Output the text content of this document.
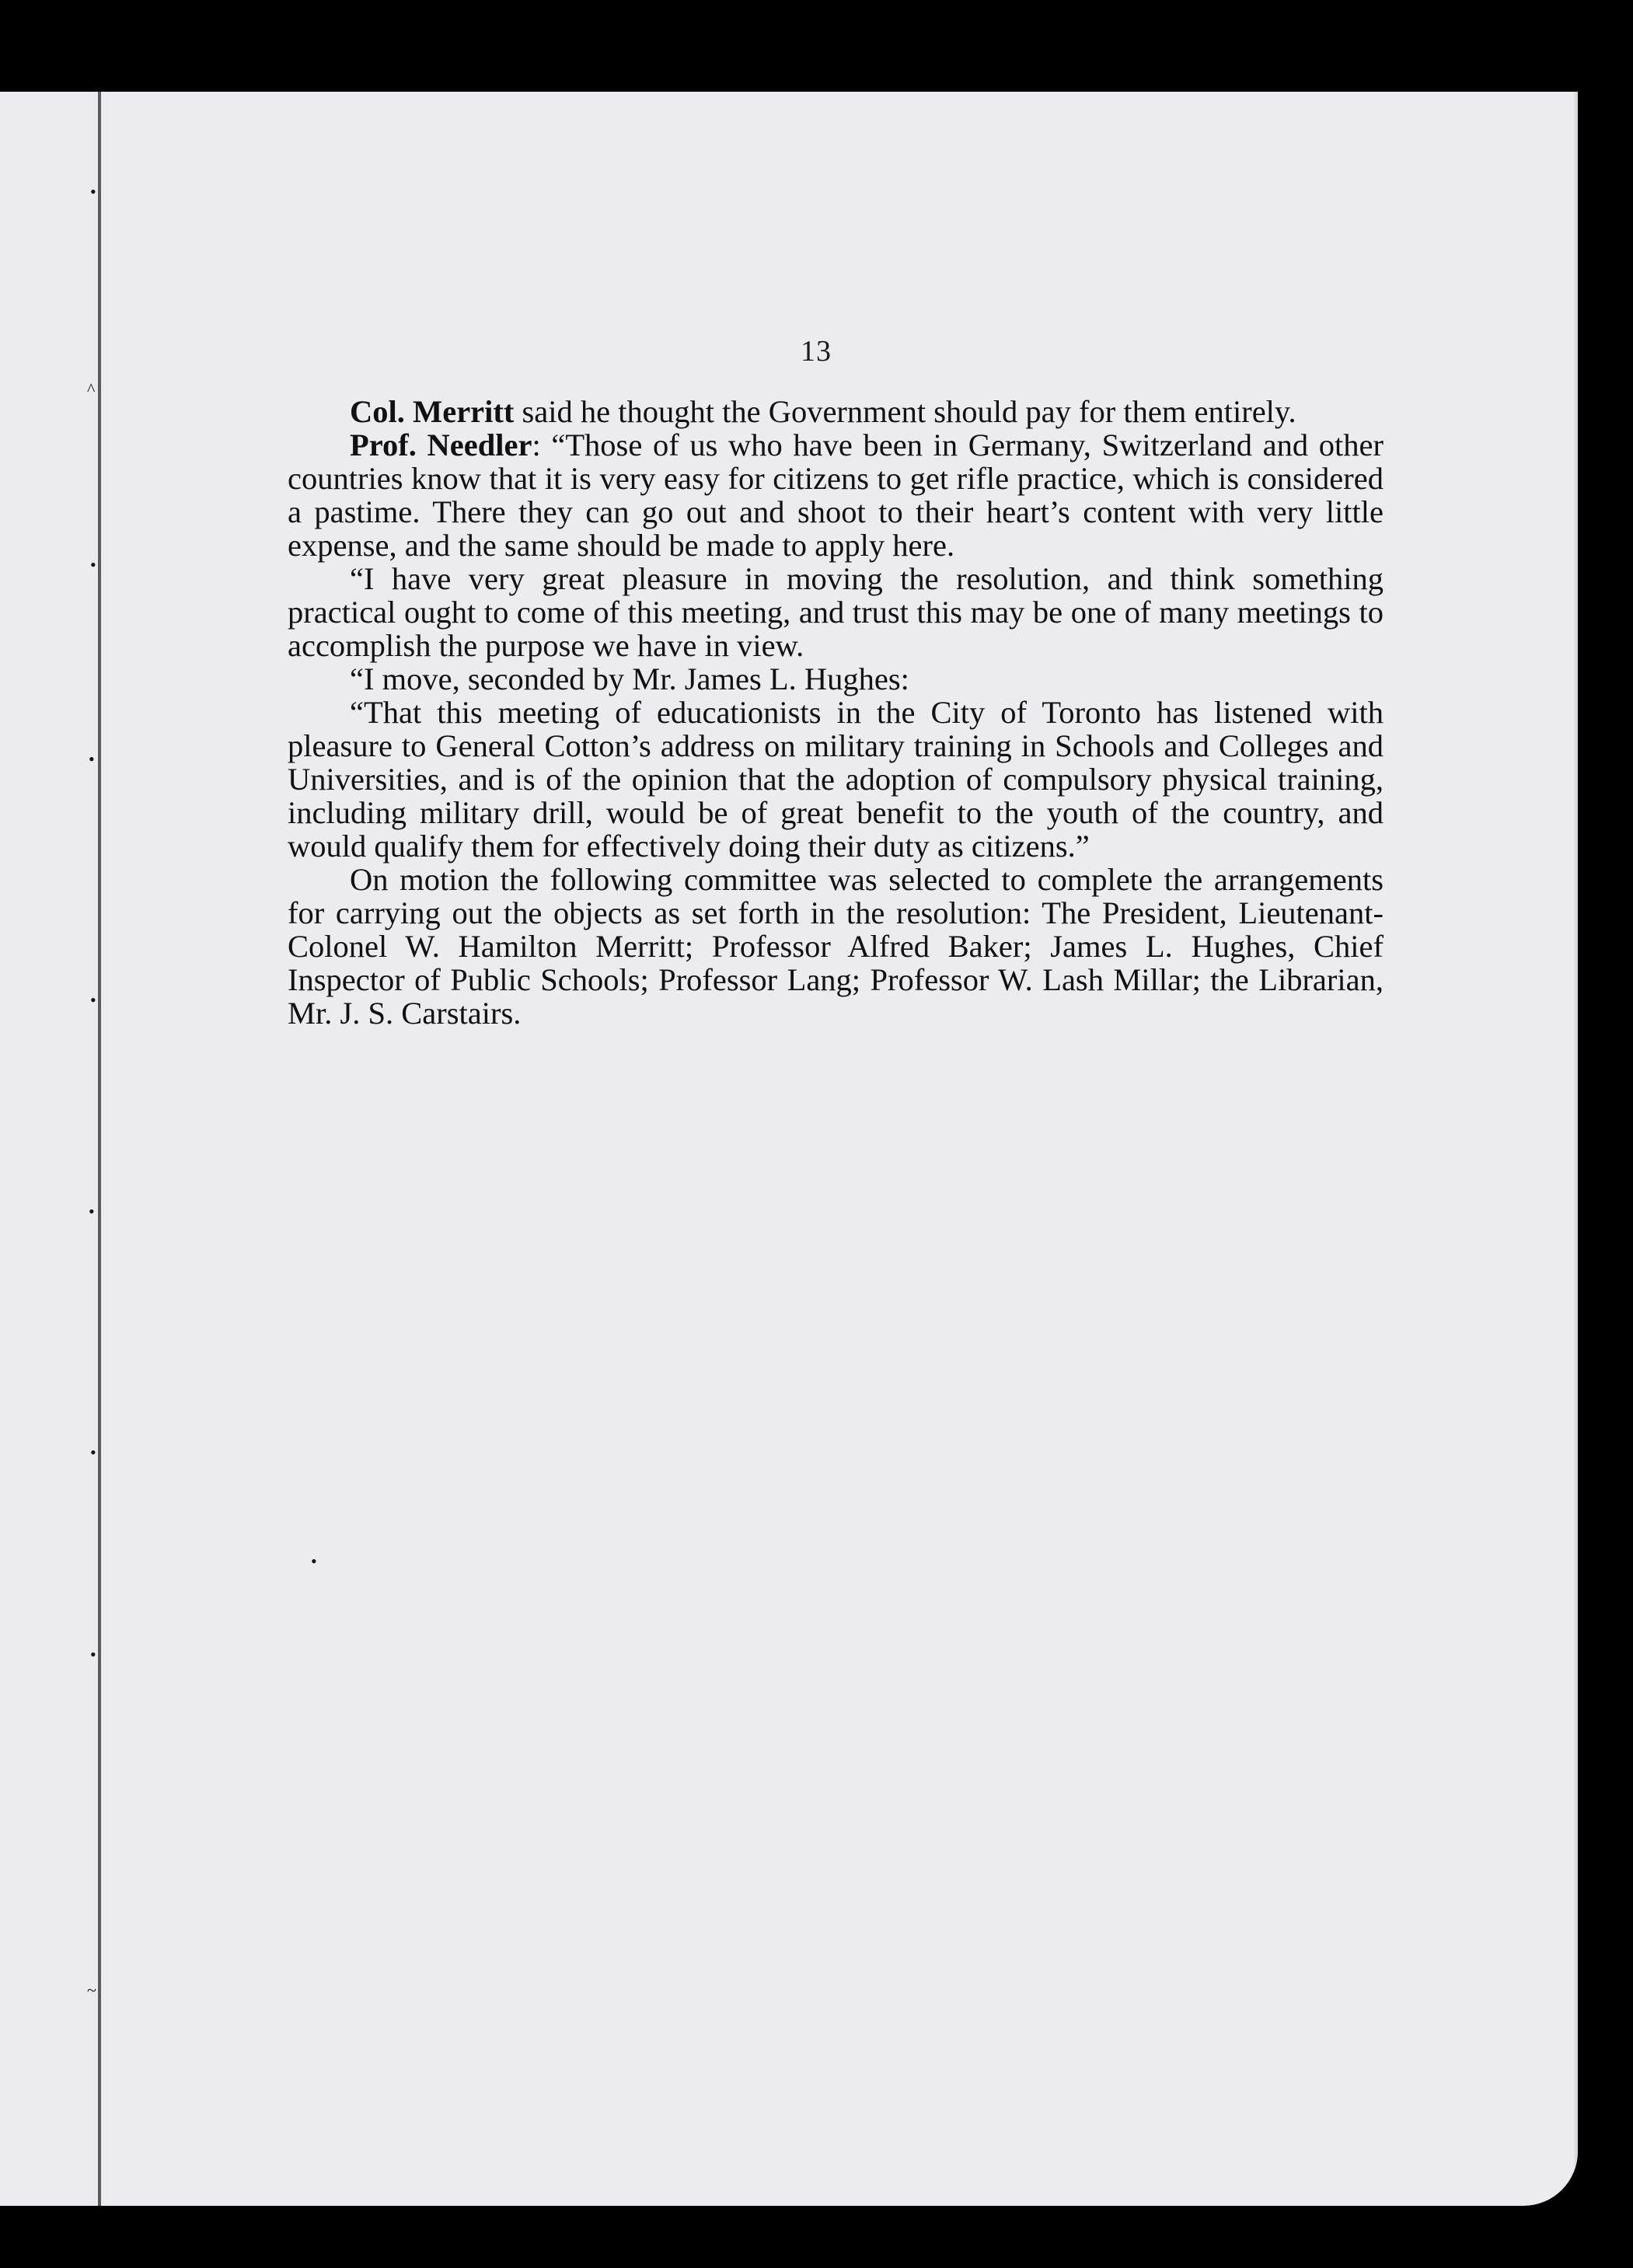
•
^
•
•
•
•
•
•
•
~
13

Col. Merritt said he thought the Government should pay for them entirely.

Prof. Needler: “Those of us who have been in Germany, Switzerland and other countries know that it is very easy for citizens to get rifle practice, which is considered a pastime. There they can go out and shoot to their heart’s content with very little expense, and the same should be made to apply here.

“I have very great pleasure in moving the resolution, and think something practical ought to come of this meeting, and trust this may be one of many meetings to accomplish the purpose we have in view.

“I move, seconded by Mr. James L. Hughes:

“That this meeting of educationists in the City of Toronto has listened with pleasure to General Cotton’s address on military training in Schools and Colleges and Universities, and is of the opinion that the adoption of compulsory physical training, including military drill, would be of great benefit to the youth of the country, and would qualify them for effectively doing their duty as citizens.”

On motion the following committee was selected to complete the arrangements for carrying out the objects as set forth in the resolution: The President, Lieutenant-Colonel W. Hamilton Merritt; Professor Alfred Baker; James L. Hughes, Chief Inspector of Public Schools; Professor Lang; Professor W. Lash Millar; the Librarian, Mr. J. S. Carstairs.
